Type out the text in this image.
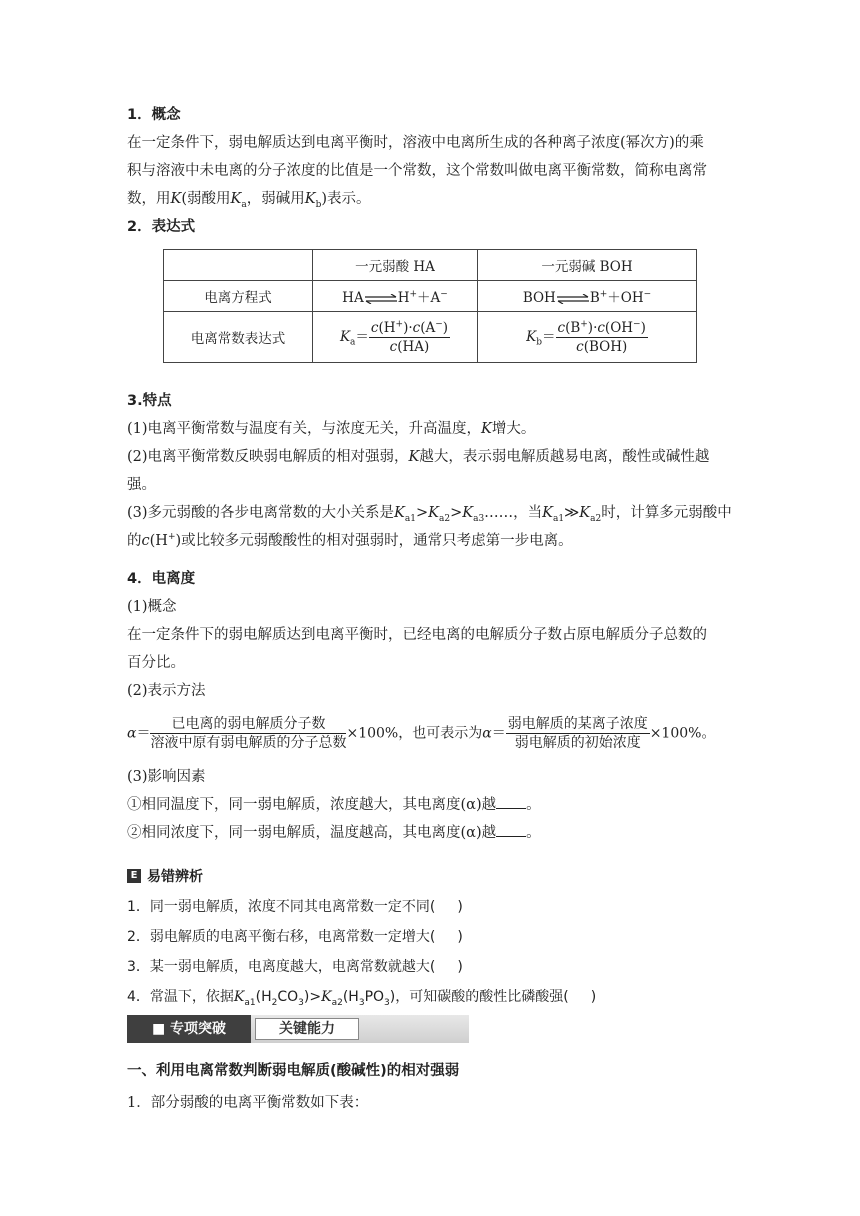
1．概念
在一定条件下，弱电解质达到电离平衡时，溶液中电离所生成的各种离子浓度(幂次方)的乘
积与溶液中未电离的分子浓度的比值是一个常数，这个常数叫做电离平衡常数，简称电离常
数，用K(弱酸用$K_a$，弱碱用$K_b$)表示。
2．表达式
	一元弱酸 HA	一元弱碱 BOH
电离方程式	HA⇌H+＋A−	BOH⇌B+＋OH−
电离常数表达式	$K_a= \frac{c(H^+)\cdot c(A^-)}{c(HA)}$	$K_b= \frac{c(B^+)\cdot c(OH^-)}{\text{c(BOH)}}$
3.特点
(1)电离平衡常数与温度有关，与浓度无关，升高温度，K增大。
(2)电离平衡常数反映弱电解质的相对强弱，K越大，表示弱电解质越易电离，酸性或碱性越
强。
(3)多元弱酸的各步电离常数的大小关系是$K_{a1}>K_{a2}>K_{a3}\dots\dots$，当$K_{a1}≫K_{a2}$时，计算多元弱酸中
的c(H+)或比较多元弱酸酸性的相对强弱时，通常只考虑第一步电离。
4．电离度
(1)概念
在一定条件下的弱电解质达到电离平衡时，已经电离的电解质分子数占原电解质分子总数的
百分比。
(2)表示方法
$\alpha= \frac{\text{已电离的弱电解质分子数}}{\text{溶液中原有弱电解质的分子总数}} \times 100\%$，也可表示为$\alpha= \frac{\text{弱电解质的某离子浓度}}{\text{弱电解质的初始浓度}} \times 100\%$。
(3)影响因素
①相同温度下，同一弱电解质，浓度越大，其电离度(α)越 。
②相同浓度下，同一弱电解质，温度越高，其电离度(α)越 。
E 易错辨析
1．同一弱电解质，浓度不同其电离常数一定不同( )
2．弱电解质的电离平衡右移，电离常数一定增大( )
3．某一弱电解质，电离度越大，电离常数就越大( )
4．常温下，依据$K_{a1}(H_2CO_3)>K_{a2}(H_3PO_3)$，可知碳酸的酸性比磷酸强( )
■ 专项突破	关键能力
一、利用电离常数判断弱电解质(酸碱性)的相对强弱
1．部分弱酸的电离平衡常数如下表：
